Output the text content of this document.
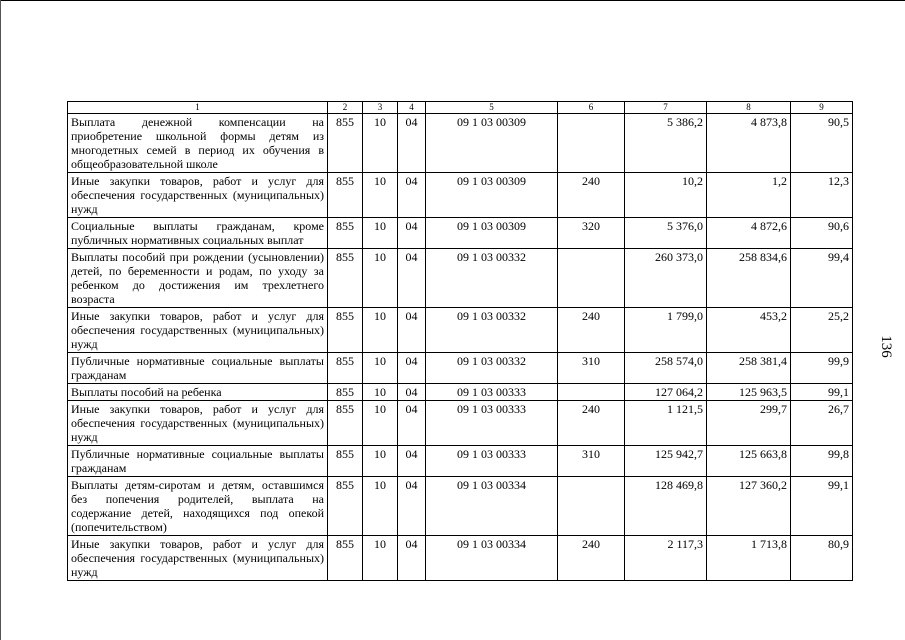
1	2	3	4	5	6	7	8	9
Выплата денежной компенсации на приобретение школьной формы детям из многодетных семей в период их обучения в общеобразовательной школе	855	10	04	09 1 03 00309		5 386,2	4 873,8	90,5
Иные закупки товаров, работ и услуг для обеспечения государственных (муниципальных) нужд	855	10	04	09 1 03 00309	240	10,2	1,2	12,3
Социальные выплаты гражданам, кроме публичных нормативных социальных выплат	855	10	04	09 1 03 00309	320	5 376,0	4 872,6	90,6
Выплаты пособий при рождении (усыновлении) детей, по беременности и родам, по уходу за ребенком до достижения им трехлетнего возраста	855	10	04	09 1 03 00332		260 373,0	258 834,6	99,4
Иные закупки товаров, работ и услуг для обеспечения государственных (муниципальных) нужд	855	10	04	09 1 03 00332	240	1 799,0	453,2	25,2
Публичные нормативные социальные выплаты гражданам	855	10	04	09 1 03 00332	310	258 574,0	258 381,4	99,9
Выплаты пособий на ребенка	855	10	04	09 1 03 00333		127 064,2	125 963,5	99,1
Иные закупки товаров, работ и услуг для обеспечения государственных (муниципальных) нужд	855	10	04	09 1 03 00333	240	1 121,5	299,7	26,7
Публичные нормативные социальные выплаты гражданам	855	10	04	09 1 03 00333	310	125 942,7	125 663,8	99,8
Выплаты детям-сиротам и детям, оставшимся без попечения родителей, выплата на содержание детей, находящихся под опекой (попечительством)	855	10	04	09 1 03 00334		128 469,8	127 360,2	99,1
Иные закупки товаров, работ и услуг для обеспечения государственных (муниципальных) нужд	855	10	04	09 1 03 00334	240	2 117,3	1 713,8	80,9
136
